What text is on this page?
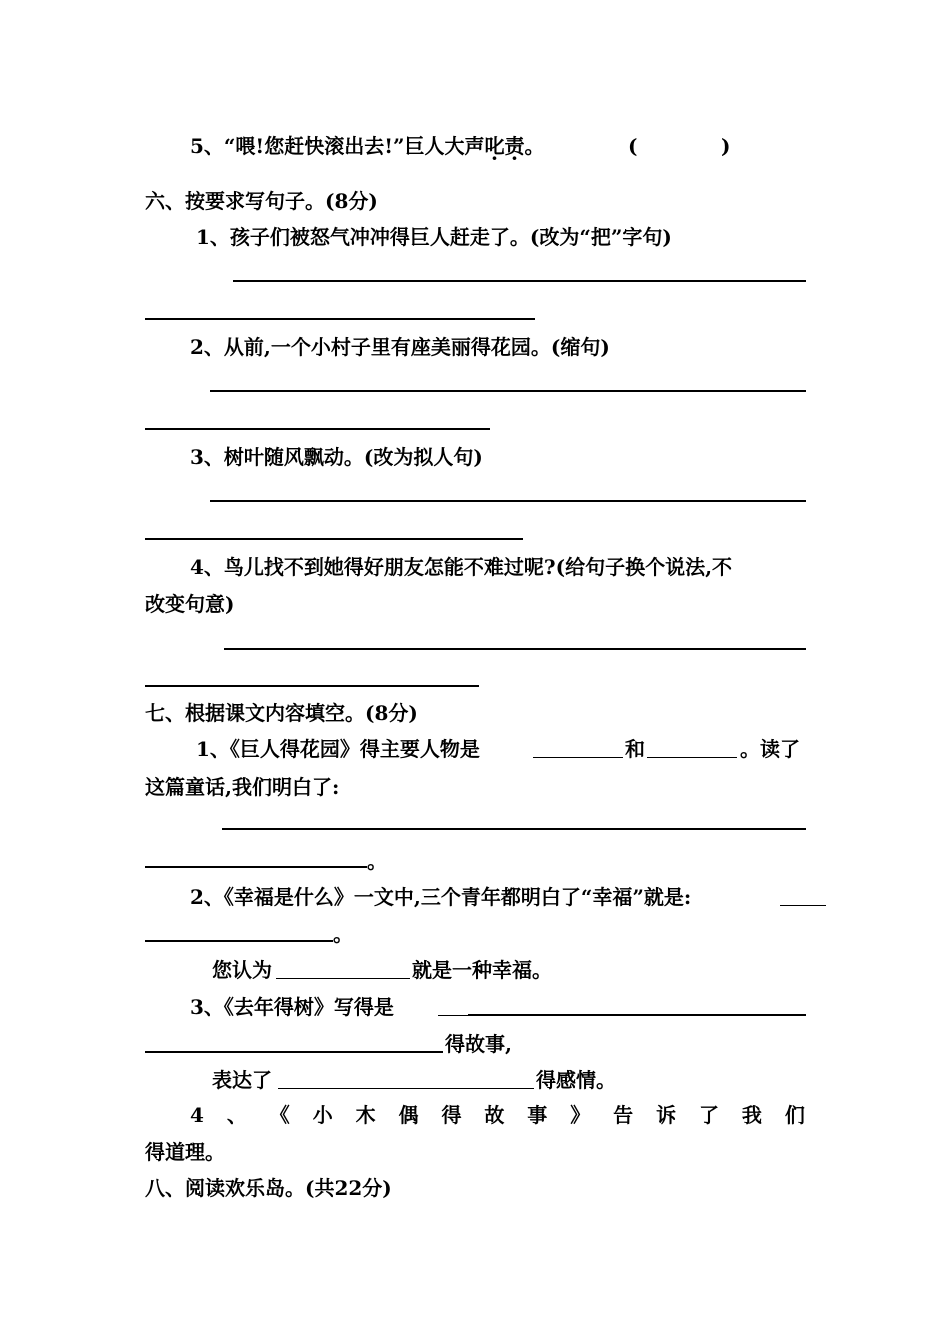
5、“喂!您赶快滚出去!”巨人大声叱责。	(            )
六、按要求写句子。(8分)
1、孩子们被怒气冲冲得巨人赶走了。(改为“把”字句)
2、从前,一个小村子里有座美丽得花园。(缩句)
3、树叶随风飘动。(改为拟人句)
4、鸟儿找不到她得好朋友怎能不难过呢?(给句子换个说法,不
改变句意)
七、根据课文内容填空。(8分)
1、《巨人得花园》得主要人物是	和	。读了
这篇童话,我们明白了:
。
2、《幸福是什么》一文中,三个青年都明白了“幸福”就是:
。
您认为	就是一种幸福。
3、《去年得树》写得是
得故事,
表达了	得感情。
4 、 《 小 木 偶 得 故 事 》 告 诉 了 我 们
得道理。
八、阅读欢乐岛。(共22分)
